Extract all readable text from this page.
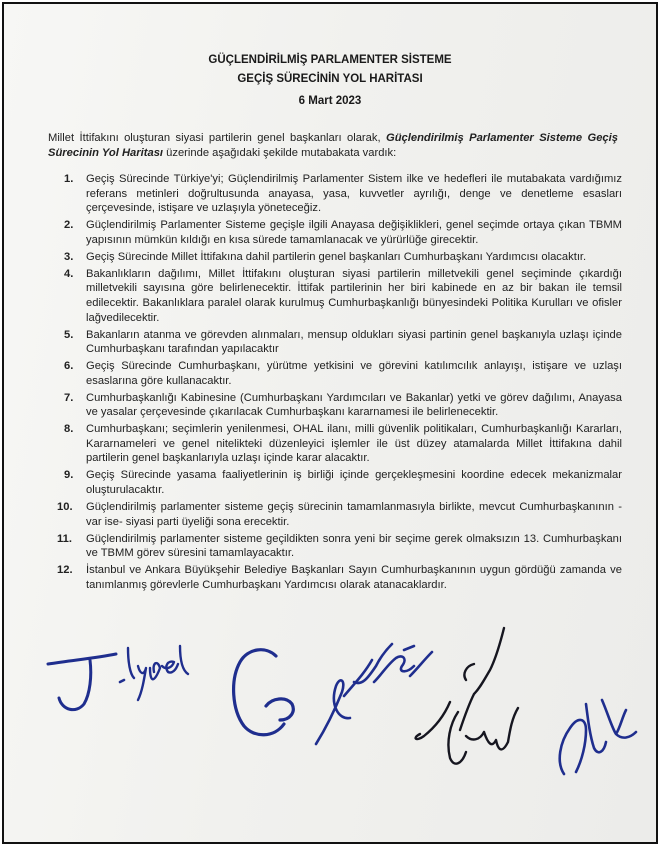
GÜÇLENDİRİLMİŞ PARLAMENTER SİSTEME
GEÇİŞ SÜRECİNİN YOL HARİTASI
6 Mart 2023
Millet İttifakını oluşturan siyasi partilerin genel başkanları olarak, Güçlendirilmiş Parlamenter Sisteme Geçiş Sürecinin Yol Haritası üzerinde aşağıdaki şekilde mutabakata vardık:
1. Geçiş Sürecinde Türkiye'yi; Güçlendirilmiş Parlamenter Sistem ilke ve hedefleri ile mutabakata vardığımız referans metinleri doğrultusunda anayasa, yasa, kuvvetler ayrılığı, denge ve denetleme esasları çerçevesinde, istişare ve uzlaşıyla yöneteceğiz.
2. Güçlendirilmiş Parlamenter Sisteme geçişle ilgili Anayasa değişiklikleri, genel seçimde ortaya çıkan TBMM yapısının mümkün kıldığı en kısa sürede tamamlanacak ve yürürlüğe girecektir.
3. Geçiş Sürecinde Millet İttifakına dahil partilerin genel başkanları Cumhurbaşkanı Yardımcısı olacaktır.
4. Bakanlıkların dağılımı, Millet İttifakını oluşturan siyasi partilerin milletvekili genel seçiminde çıkardığı milletvekili sayısına göre belirlenecektir. İttifak partilerinin her biri kabinede en az bir bakan ile temsil edilecektir. Bakanlıklara paralel olarak kurulmuş Cumhurbaşkanlığı bünyesindeki Politika Kurulları ve ofisler lağvedilecektir.
5. Bakanların atanma ve görevden alınmaları, mensup oldukları siyasi partinin genel başkanıyla uzlaşı içinde Cumhurbaşkanı tarafından yapılacaktır
6. Geçiş Sürecinde Cumhurbaşkanı, yürütme yetkisini ve görevini katılımcılık anlayışı, istişare ve uzlaşı esaslarına göre kullanacaktır.
7. Cumhurbaşkanlığı Kabinesine (Cumhurbaşkanı Yardımcıları ve Bakanlar) yetki ve görev dağılımı, Anayasa ve yasalar çerçevesinde çıkarılacak Cumhurbaşkanı kararnamesi ile belirlenecektir.
8. Cumhurbaşkanı; seçimlerin yenilenmesi, OHAL ilanı, milli güvenlik politikaları, Cumhurbaşkanlığı Kararları, Kararnameleri ve genel nitelikteki düzenleyici işlemler ile üst düzey atamalarda Millet İttifakına dahil partilerin genel başkanlarıyla uzlaşı içinde karar alacaktır.
9. Geçiş Sürecinde yasama faaliyetlerinin iş birliği içinde gerçekleşmesini koordine edecek mekanizmalar oluşturulacaktır.
10. Güçlendirilmiş parlamenter sisteme geçiş sürecinin tamamlanmasıyla birlikte, mevcut Cumhurbaşkanının -var ise- siyasi parti üyeliği sona erecektir.
11. Güçlendirilmiş parlamenter sisteme geçildikten sonra yeni bir seçime gerek olmaksızın 13. Cumhurbaşkanı ve TBMM görev süresini tamamlayacaktır.
12. İstanbul ve Ankara Büyükşehir Belediye Başkanları Sayın Cumhurbaşkanının uygun gördüğü zamanda ve tanımlanmış görevlerle Cumhurbaşkanı Yardımcısı olarak atanacaklardır.
